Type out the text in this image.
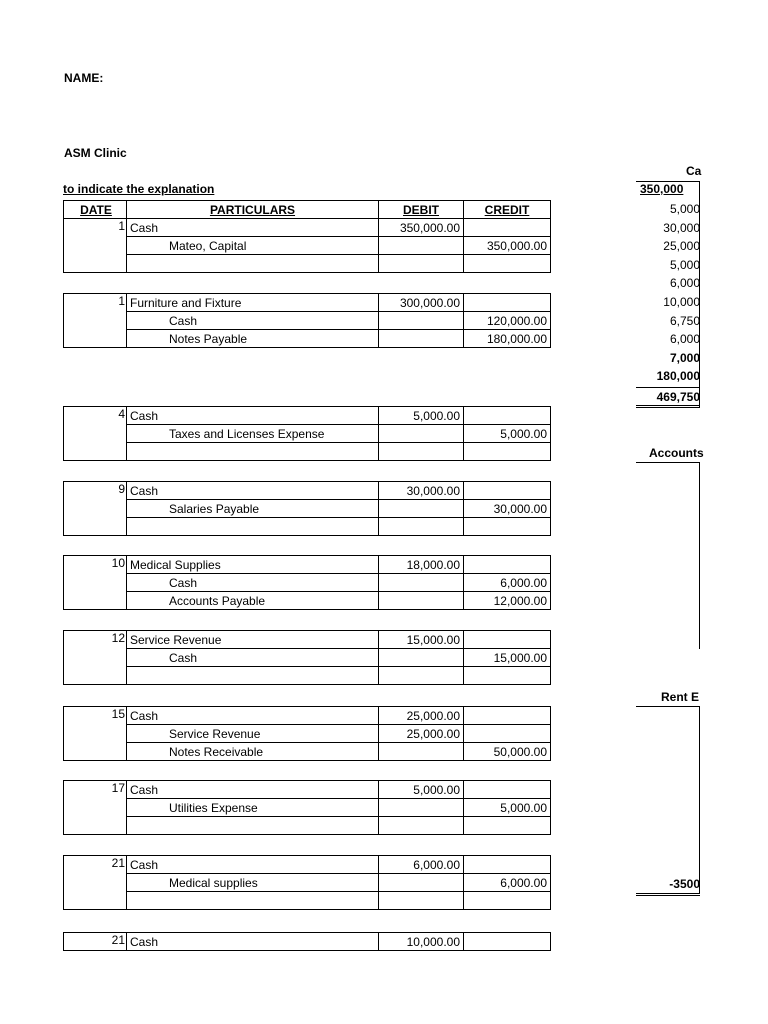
NAME:
ASM Clinic
to indicate the explanation
DATE	PARTICULARS	DEBIT	CREDIT
1	Cash	350,000.00	
	Mateo, Capital		350,000.00

1	Furniture and Fixture	300,000.00	
	Cash		120,000.00
	Notes Payable		180,000.00
4	Cash	5,000.00	
	Taxes and Licenses Expense		5,000.00

9	Cash	30,000.00	
	Salaries Payable		30,000.00

10	Medical Supplies	18,000.00	
	Cash		6,000.00
	Accounts Payable		12,000.00
12	Service Revenue	15,000.00	
	Cash		15,000.00

15	Cash	25,000.00	
	Service Revenue	25,000.00	
	Notes Receivable		50,000.00
17	Cash	5,000.00	
	Utilities Expense		5,000.00

21	Cash	6,000.00	
	Medical supplies		6,000.00

21	Cash	10,000.00	
Ca
350,000
5,000
30,000
25,000
5,000
6,000
10,000
6,750
6,000
7,000
180,000
469,750
Accounts
Rent E
-3500
